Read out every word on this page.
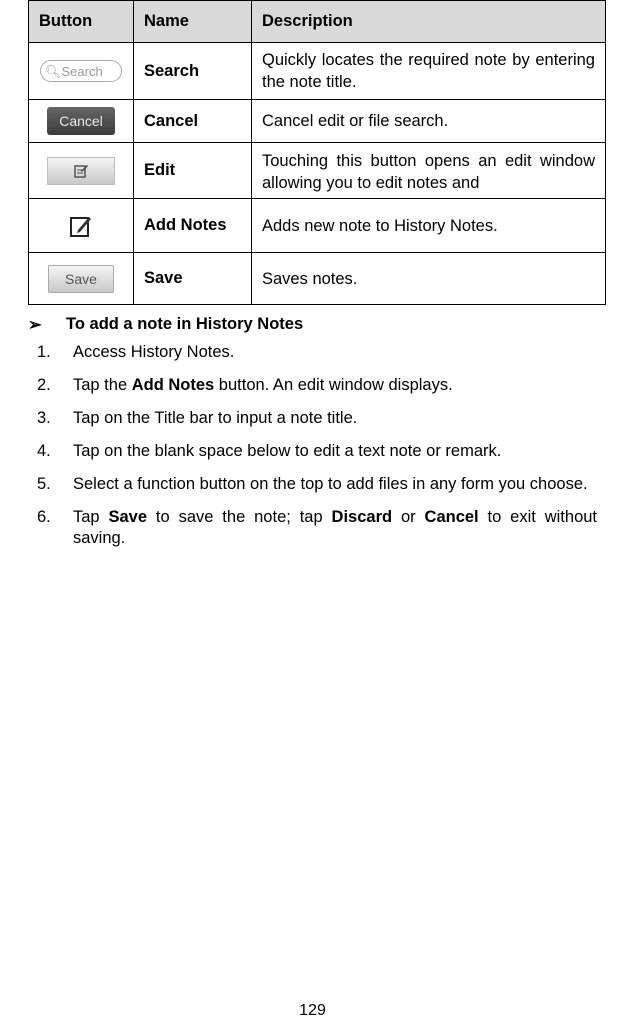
Button	Name	Description
🔍︎Search	Search	Quickly locates the required note by entering the note title.
Cancel	Cancel	Cancel edit or file search.
	Edit	Touching this button opens an edit window allowing you to edit notes and

	Add Notes	Adds new note to History Notes.
Save	Save	Saves notes.
➢ To add a note in History Notes
1. Access History Notes.
2. Tap the Add Notes button. An edit window displays.
3. Tap on the Title bar to input a note title.
4. Tap on the blank space below to edit a text note or remark.
5. Select a function button on the top to add files in any form you choose.
6. Tap Save to save the note; tap Discard or Cancel to exit without saving.
129
